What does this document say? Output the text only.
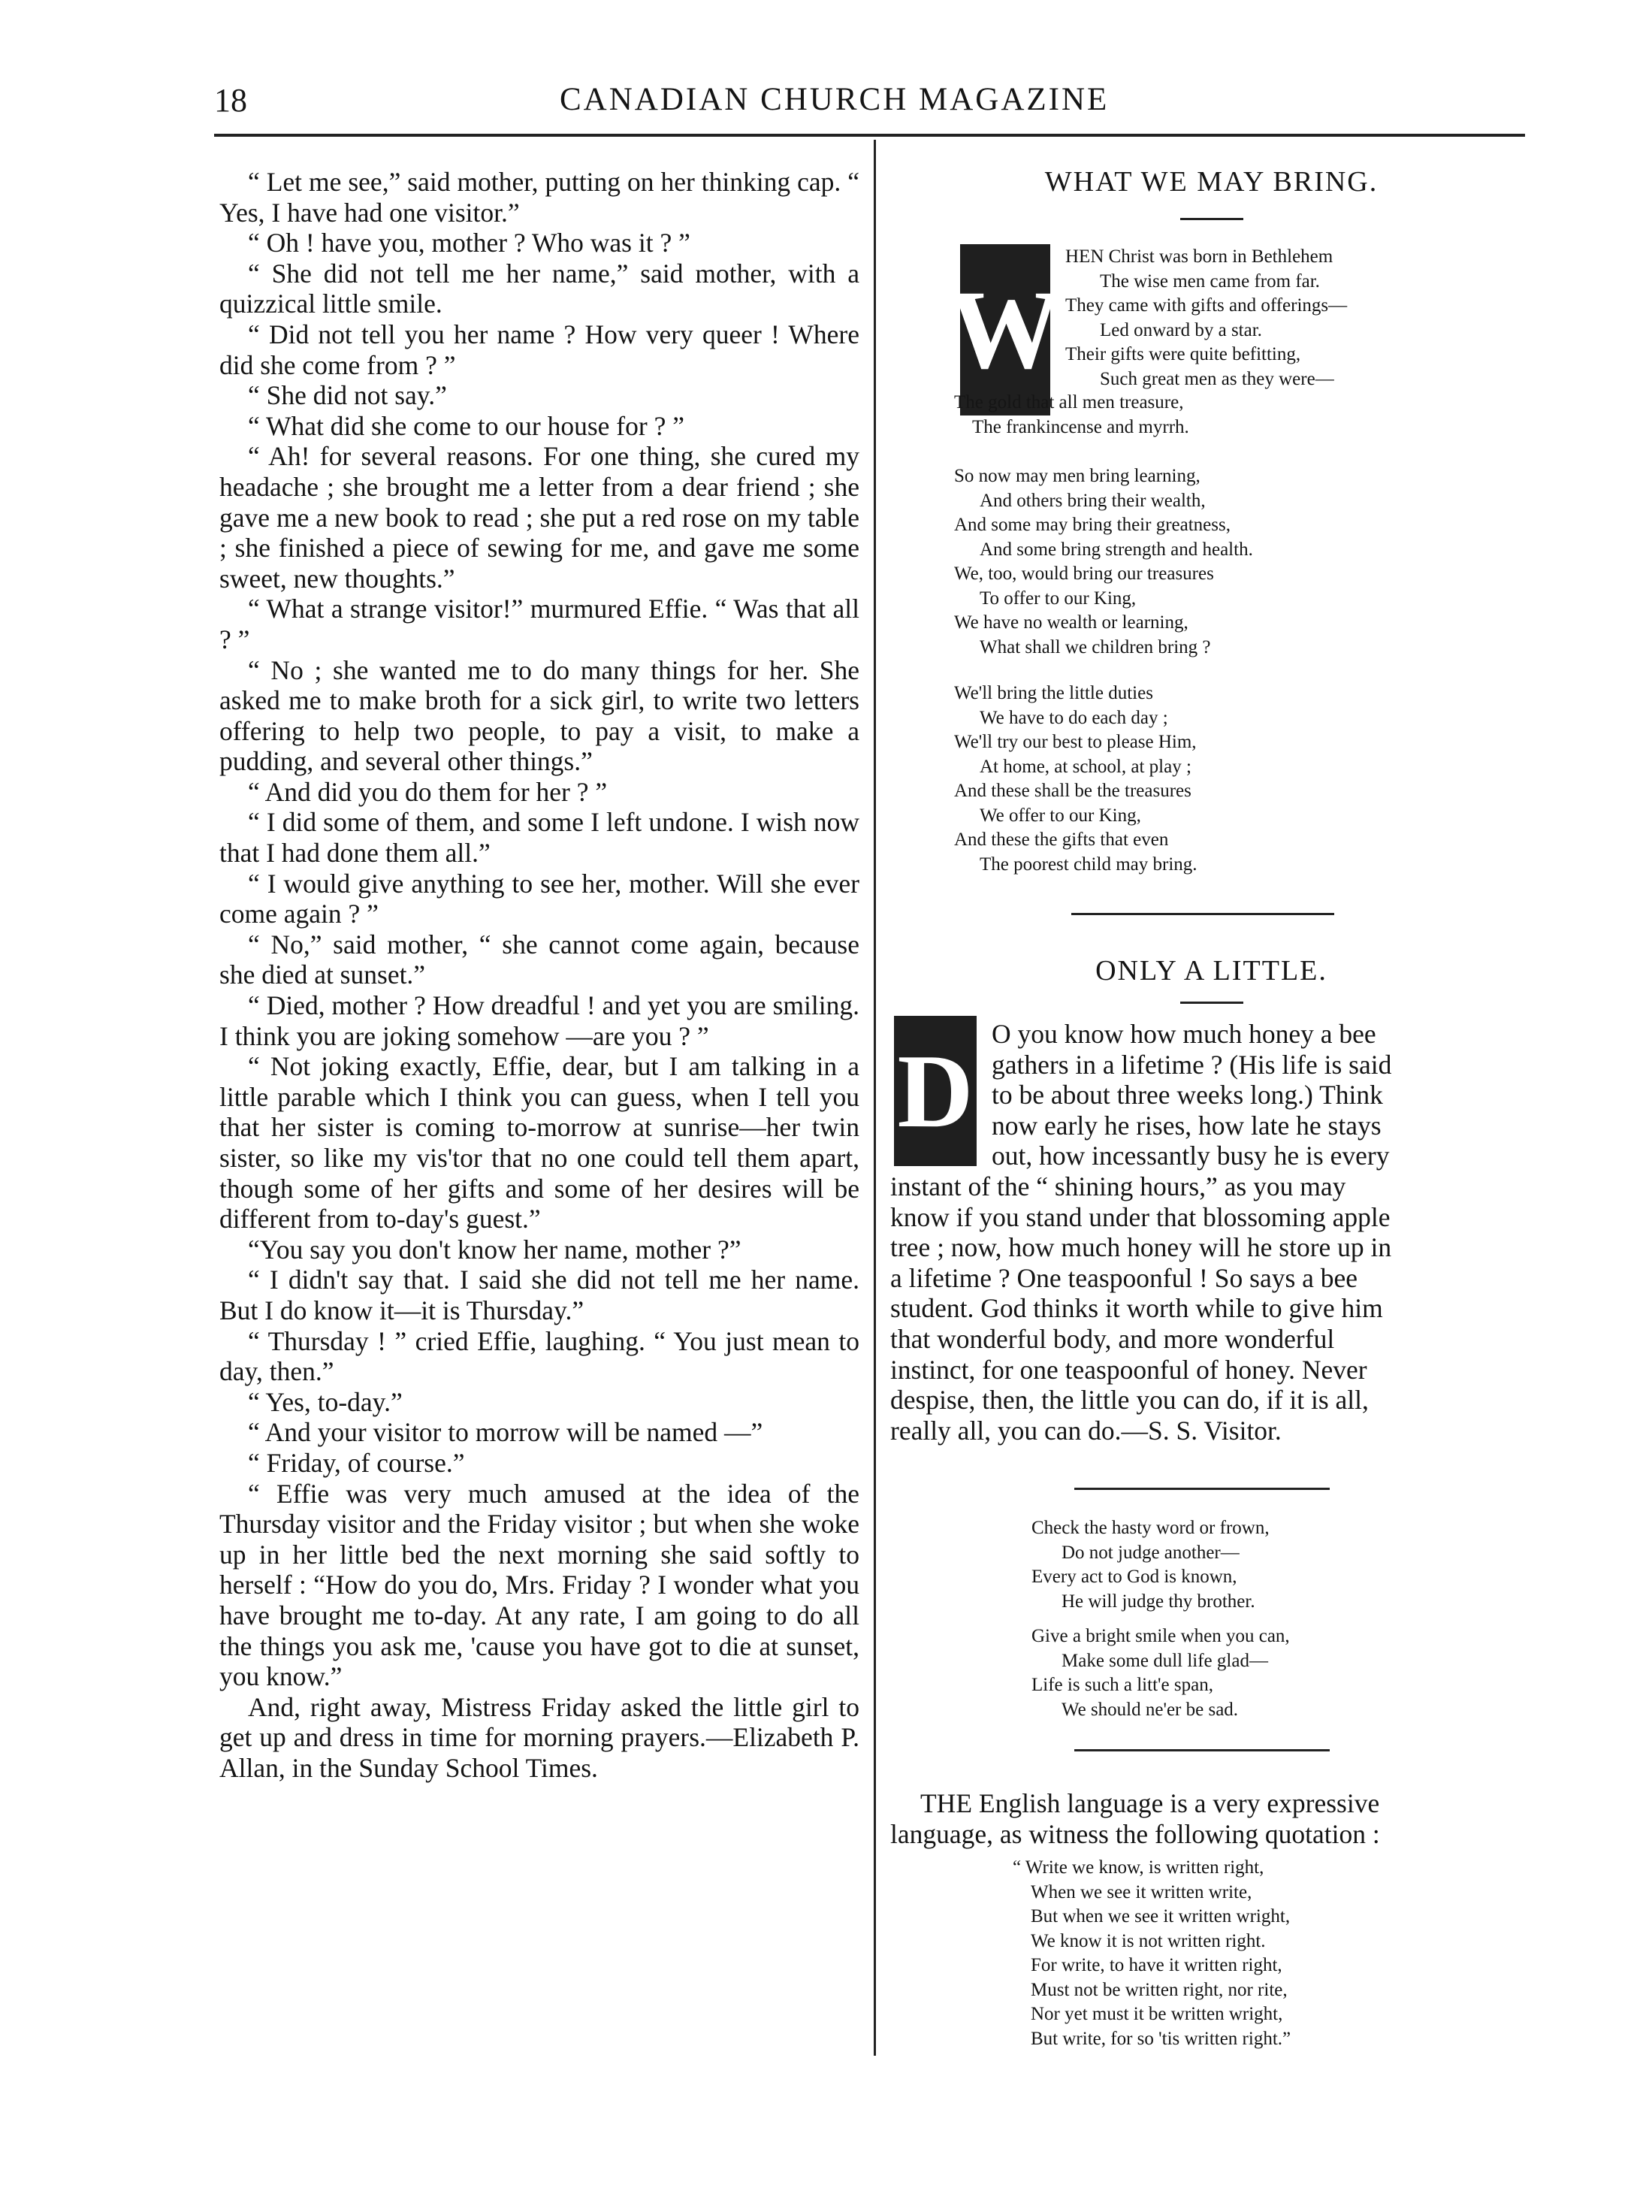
18	CANADIAN CHURCH MAGAZINE

“ Let me see,” said mother, putting on her thinking cap. “ Yes, I have had one visitor.”

“ Oh ! have you, mother ? Who was it ? ”

“ She did not tell me her name,” said mother, with a quizzical little smile.

“ Did not tell you her name ? How very queer ! Where did she come from ? ”

“ She did not say.”

“ What did she come to our house for ? ”

“ Ah! for several reasons. For one thing, she cured my headache ; she brought me a letter from a dear friend ; she gave me a new book to read ; she put a red rose on my table ; she finished a piece of sewing for me, and gave me some sweet, new thoughts.”

“ What a strange visitor!” murmured Effie. “ Was that all ? ”

“ No ; she wanted me to do many things for her. She asked me to make broth for a sick girl, to write two letters offering to help two people, to pay a visit, to make a pudding, and several other things.”

“ And did you do them for her ? ”

“ I did some of them, and some I left undone. I wish now that I had done them all.”

“ I would give anything to see her, mother. Will she ever come again ? ”

“ No,” said mother, “ she cannot come again, because she died at sunset.”

“ Died, mother ? How dreadful ! and yet you are smiling. I think you are joking somehow —are you ? ”

“ Not joking exactly, Effie, dear, but I am talking in a little parable which I think you can guess, when I tell you that her sister is coming to-morrow at sunrise—her twin sister, so like my vis'tor that no one could tell them apart, though some of her gifts and some of her desires will be different from to-day's guest.”

“You say you don't know her name, mother ?”

“ I didn't say that. I said she did not tell me her name. But I do know it—it is Thursday.”

“ Thursday ! ” cried Effie, laughing. “ You just mean to day, then.”

“ Yes, to-day.”

“ And your visitor to morrow will be named —”

“ Friday, of course.”

“ Effie was very much amused at the idea of the Thursday visitor and the Friday visitor ; but when she woke up in her little bed the next morning she said softly to herself : “How do you do, Mrs. Friday ? I wonder what you have brought me to-day. At any rate, I am going to do all the things you ask me, 'cause you have got to die at sunset, you know.”

And, right away, Mistress Friday asked the little girl to get up and dress in time for morning prayers.—Elizabeth P. Allan, in the Sunday School Times.

WHAT WE MAY BRING.
W
HEN Christ was born in Bethlehem
The wise men came from far.
They came with gifts and offerings—
Led onward by a star.
Their gifts were quite befitting,
Such great men as they were—
The gold that all men treasure,
The frankincense and myrrh.
So now may men bring learning,
And others bring their wealth,
And some may bring their greatness,
And some bring strength and health.
We, too, would bring our treasures
To offer to our King,
We have no wealth or learning,
What shall we children bring ?
We'll bring the little duties
We have to do each day ;
We'll try our best to please Him,
At home, at school, at play ;
And these shall be the treasures
We offer to our King,
And these the gifts that even
The poorest child may bring.
ONLY A LITTLE.
D O you know how much honey a bee
gathers in a lifetime ? (His life is said
to be about three weeks long.) Think
now early he rises, how late he stays
out, how incessantly busy he is every
instant of the “ shining hours,” as you may
know if you stand under that blossoming apple
tree ; now, how much honey will he store up in
a lifetime ? One teaspoonful ! So says a bee
student. God thinks it worth while to give him
that wonderful body, and more wonderful
instinct, for one teaspoonful of honey. Never
despise, then, the little you can do, if it is all,
really all, you can do.—S. S. Visitor.
Check the hasty word or frown,
Do not judge another—
Every act to God is known,
He will judge thy brother.
Give a bright smile when you can,
Make some dull life glad—
Life is such a litt'e span,
We should ne'er be sad.
THE English language is a very expressive
language, as witness the following quotation :
“ Write we know, is written right,
When we see it written write,
But when we see it written wright,
We know it is not written right.
For write, to have it written right,
Must not be written right, nor rite,
Nor yet must it be written wright,
But write, for so 'tis written right.”
